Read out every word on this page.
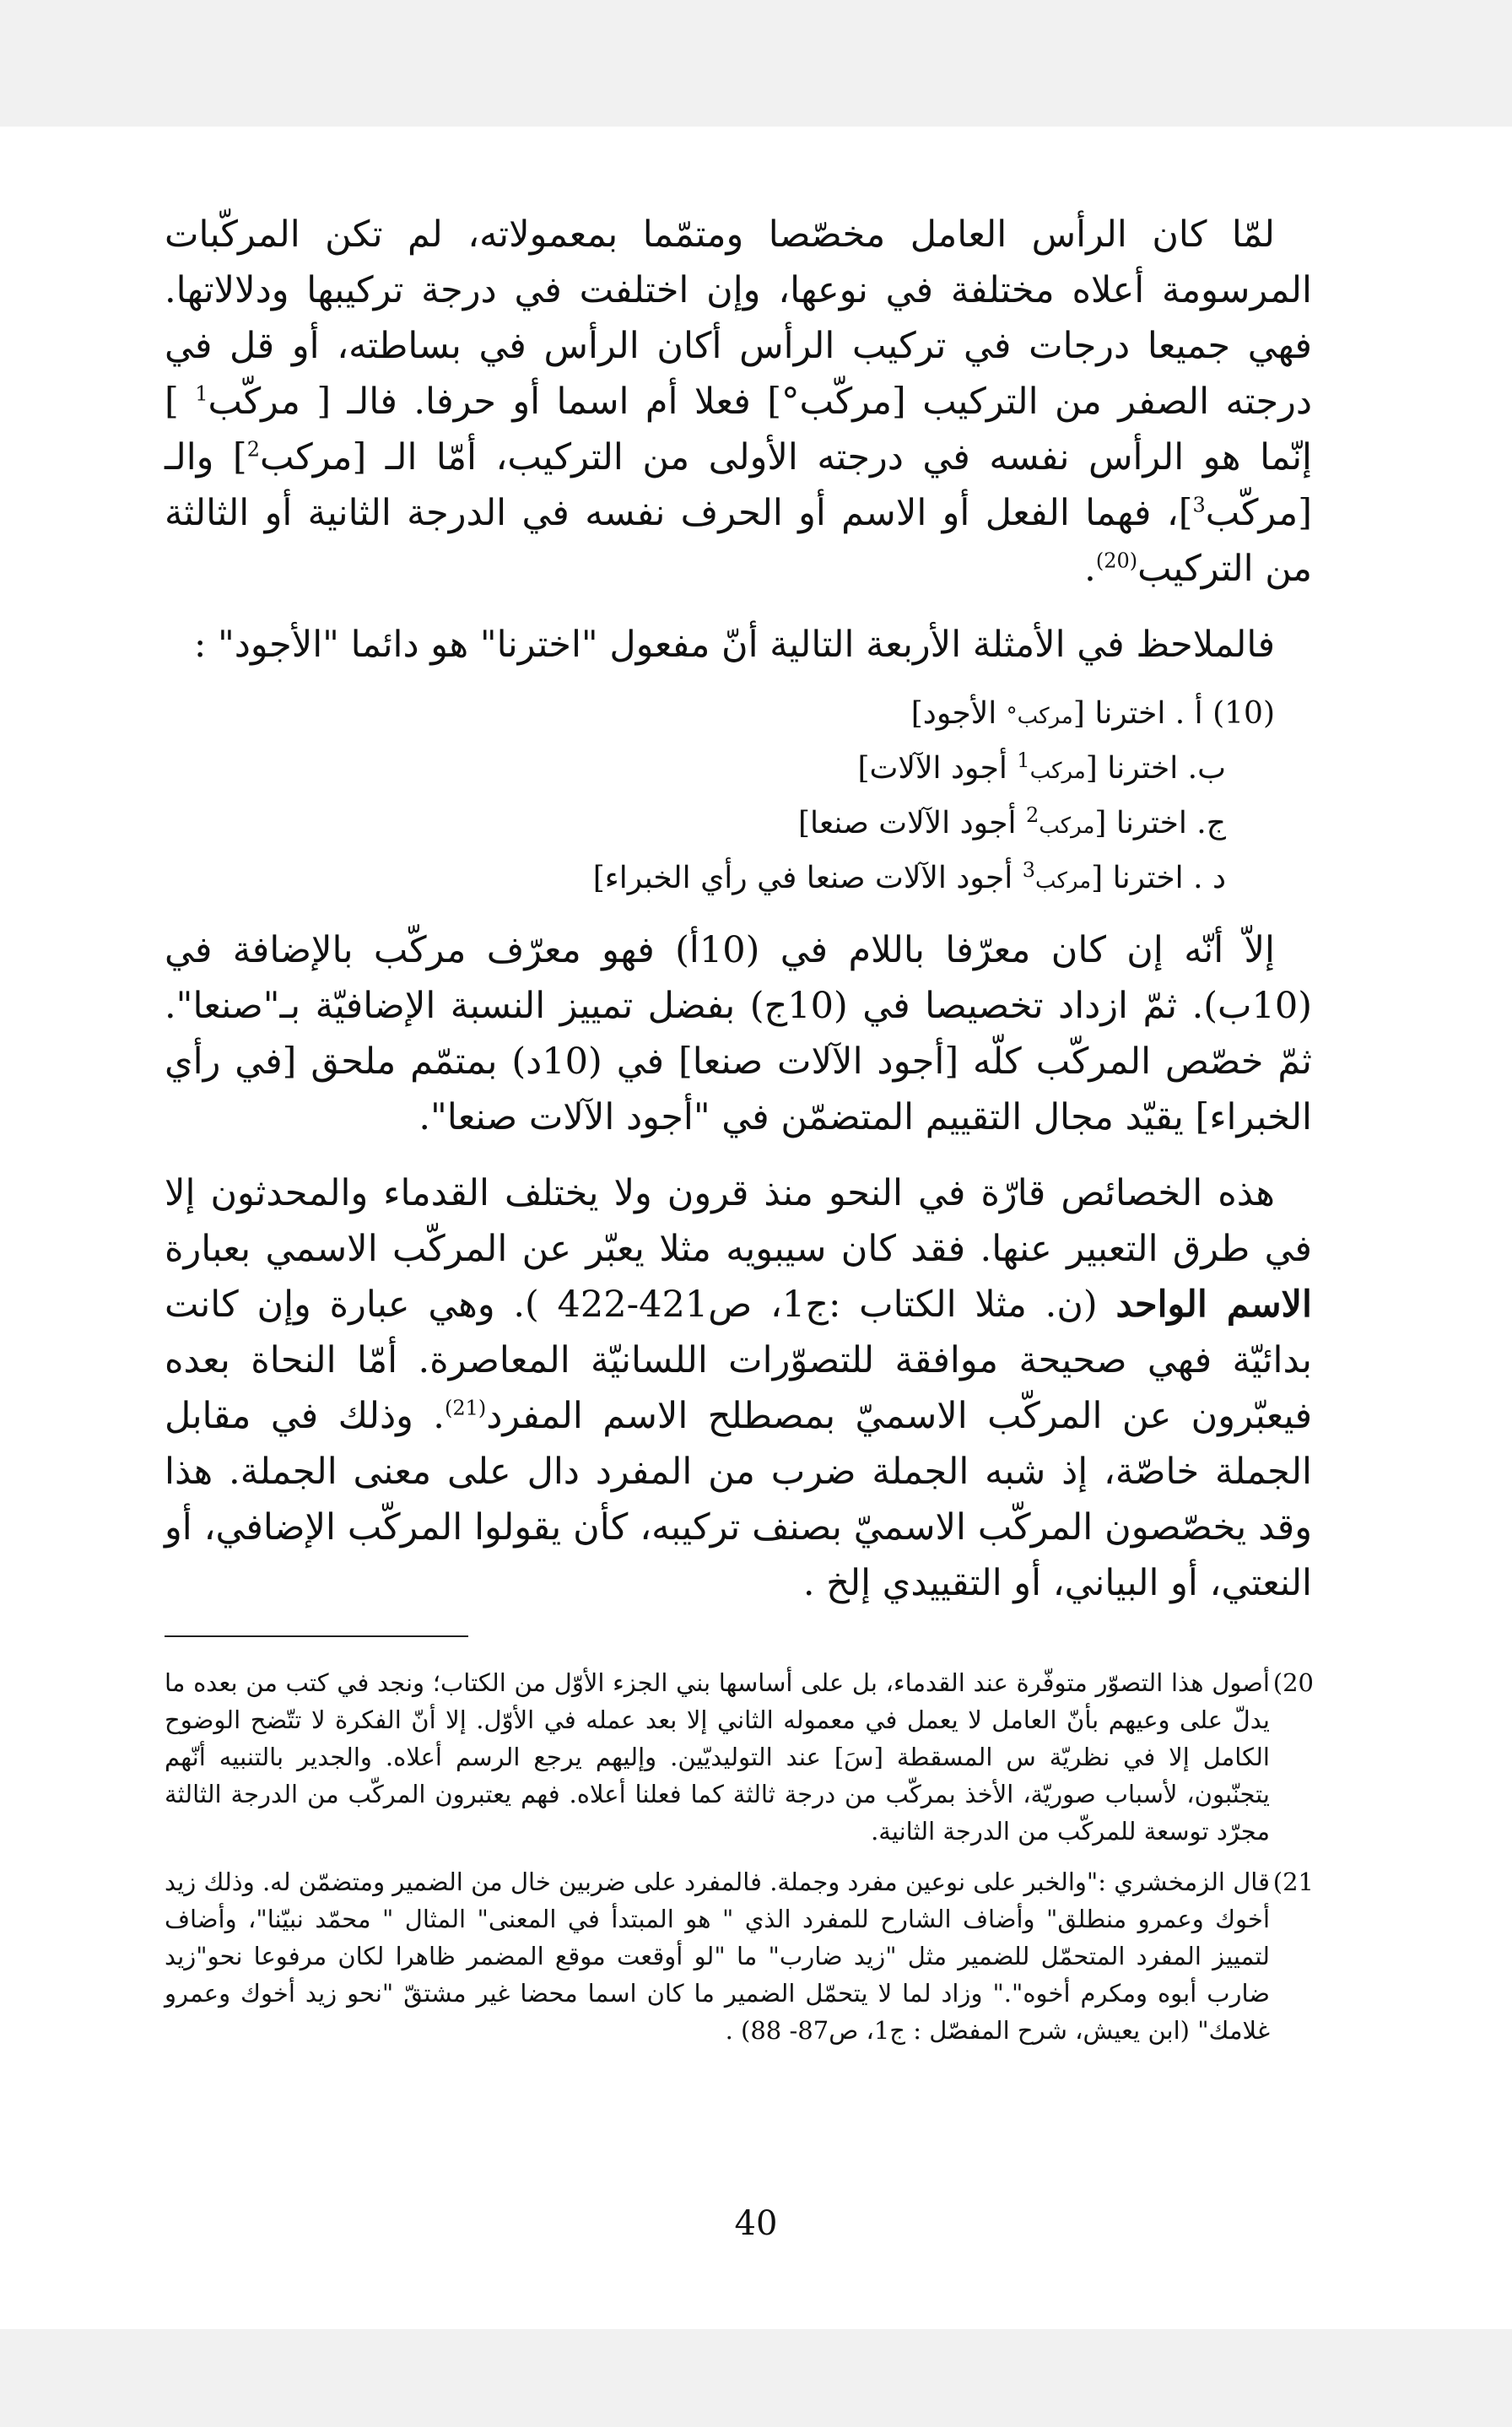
لمّا كان الرأس العامل مخصّصا ومتمّما بمعمولاته، لم تكن المركّبات المرسومة أعلاه مختلفة في نوعها، وإن اختلفت في درجة تركيبها ودلالاتها. فهي جميعا درجات في تركيب الرأس أكان الرأس في بساطته، أو قل في درجته الصفر من التركيب [مركّب°] فعلا أم اسما أو حرفا. فالـ [ مركّب$^1$ ] إنّما هو الرأس نفسه في درجته الأولى من التركيب، أمّا الـ [مركب$^2$] والـ [مركّب$^3$]، فهما الفعل أو الاسم أو الحرف نفسه في الدرجة الثانية أو الثالثة من التركيب$^{(20)}$.

فالملاحظ في الأمثلة الأربعة التالية أنّ مفعول "اخترنا" هو دائما "الأجود" :

(10) أ . اخترنا [مركب° الأجود]
ب. اخترنا [مركب$^1$ أجود الآلات]
ج. اخترنا [مركب$^2$ أجود الآلات صنعا]
د . اخترنا [مركب$^3$ أجود الآلات صنعا في رأي الخبراء]

إلاّ أنّه إن كان معرّفا باللام في (10أ) فهو معرّف مركّب بالإضافة في (10ب). ثمّ ازداد تخصيصا في (10ج) بفضل تمييز النسبة الإضافيّة بـ"صنعا". ثمّ خصّص المركّب كلّه [أجود الآلات صنعا] في (10د) بمتمّم ملحق [في رأي الخبراء] يقيّد مجال التقييم المتضمّن في "أجود الآلات صنعا".

هذه الخصائص قارّة في النحو منذ قرون ولا يختلف القدماء والمحدثون إلا في طرق التعبير عنها. فقد كان سيبويه مثلا يعبّر عن المركّب الاسمي بعبارة الاسم الواحد (ن. مثلا الكتاب :ج1، ص421-422 ). وهي عبارة وإن كانت بدائيّة فهي صحيحة موافقة للتصوّرات اللسانيّة المعاصرة. أمّا النحاة بعده فيعبّرون عن المركّب الاسميّ بمصطلح الاسم المفرد$^{(21)}$. وذلك في مقابل الجملة خاصّة، إذ شبه الجملة ضرب من المفرد دال على معنى الجملة. هذا وقد يخصّصون المركّب الاسميّ بصنف تركيبه، كأن يقولوا المركّب الإضافي، أو النعتي، أو البياني، أو التقييدي إلخ .

20)
أصول هذا التصوّر متوفّرة عند القدماء، بل على أساسها بني الجزء الأوّل من الكتاب؛ ونجد في كتب من بعده ما يدلّ على وعيهم بأنّ العامل لا يعمل في معموله الثاني إلا بعد عمله في الأوّل. إلا أنّ الفكرة لا تتّضح الوضوح الكامل إلا في نظريّة س المسقطة [سَ] عند التوليديّين. وإليهم يرجع الرسم أعلاه. والجدير بالتنبيه أنّهم يتجنّبون، لأسباب صوريّة، الأخذ بمركّب من درجة ثالثة كما فعلنا أعلاه. فهم يعتبرون المركّب من الدرجة الثالثة مجرّد توسعة للمركّب من الدرجة الثانية.
21)
قال الزمخشري :"والخبر على نوعين مفرد وجملة. فالمفرد على ضربين خال من الضمير ومتضمّن له. وذلك زيد أخوك وعمرو منطلق" وأضاف الشارح للمفرد الذي " هو المبتدأ في المعنى" المثال " محمّد نبيّنا"، وأضاف لتمييز المفرد المتحمّل للضمير مثل "زيد ضارب" ما "لو أوقعت موقع المضمر ظاهرا لكان مرفوعا نحو"زيد ضارب أبوه ومكرم أخوه"." وزاد لما لا يتحمّل الضمير ما كان اسما محضا غير مشتقّ "نحو زيد أخوك وعمرو غلامك" (ابن يعيش، شرح المفصّل : ج1، ص87- 88) .
40
